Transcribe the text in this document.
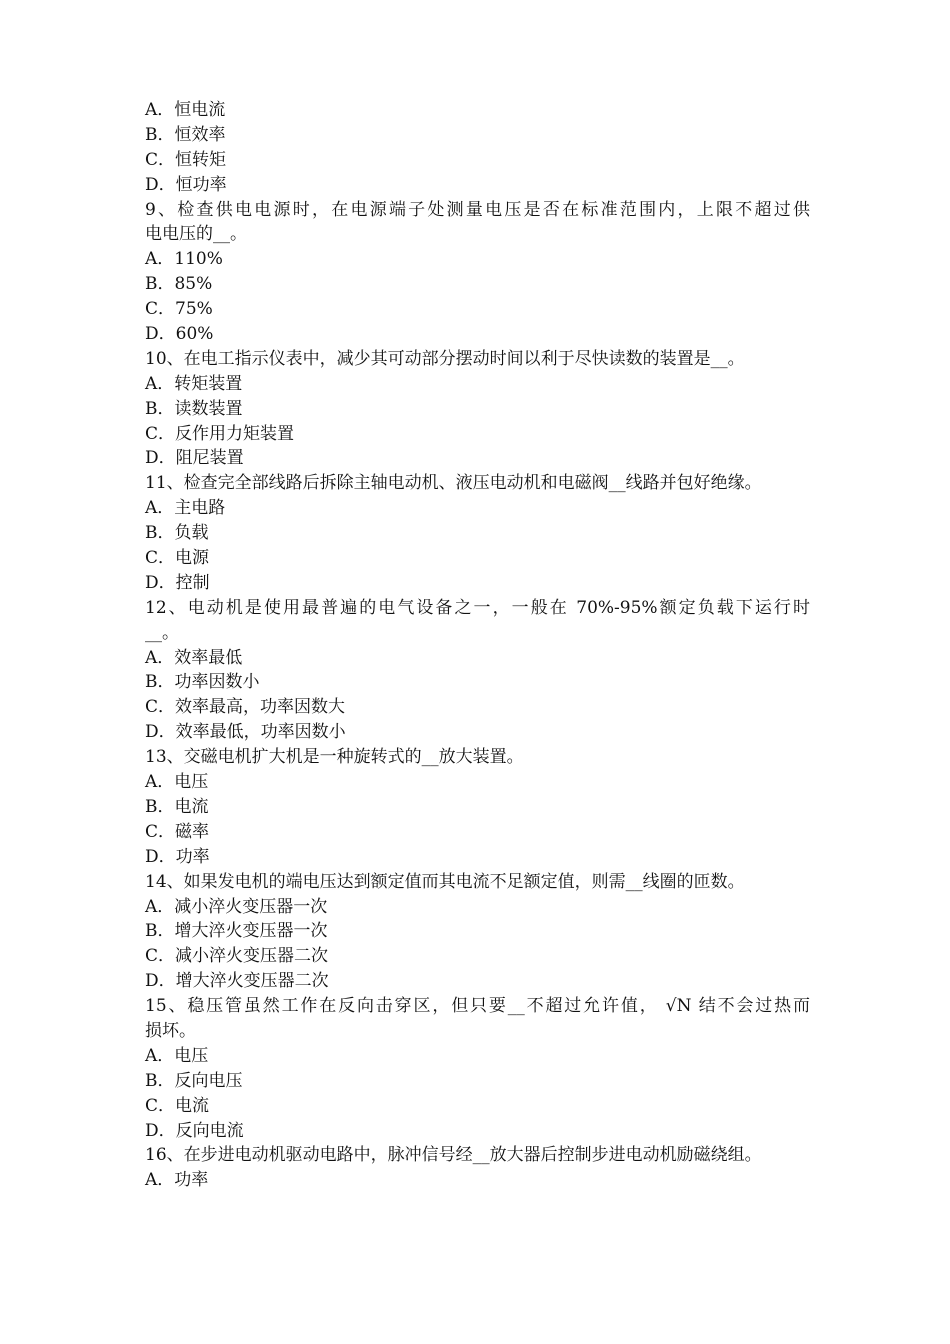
A．恒电流
B．恒效率
C．恒转矩
D．恒功率
9、检查供电电源时，在电源端子处测量电压是否在标准范围内，上限不超过供
电电压的__。
A．110%
B．85%
C．75%
D．60%
10、在电工指示仪表中，减少其可动部分摆动时间以利于尽快读数的装置是__。
A．转矩装置
B．读数装置
C．反作用力矩装置
D．阻尼装置
11、检查完全部线路后拆除主轴电动机、液压电动机和电磁阀__线路并包好绝缘。
A．主电路
B．负载
C．电源
D．控制
12、电动机是使用最普遍的电气设备之一，一般在 70%-95%额定负载下运行时
__。
A．效率最低
B．功率因数小
C．效率最高，功率因数大
D．效率最低，功率因数小
13、交磁电机扩大机是一种旋转式的__放大装置。
A．电压
B．电流
C．磁率
D．功率
14、如果发电机的端电压达到额定值而其电流不足额定值，则需__线圈的匝数。
A．减小淬火变压器一次
B．增大淬火变压器一次
C．减小淬火变压器二次
D．增大淬火变压器二次
15、稳压管虽然工作在反向击穿区，但只要__不超过允许值， √N 结不会过热而
损坏。
A．电压
B．反向电压
C．电流
D．反向电流
16、在步进电动机驱动电路中，脉冲信号经__放大器后控制步进电动机励磁绕组。
A．功率
